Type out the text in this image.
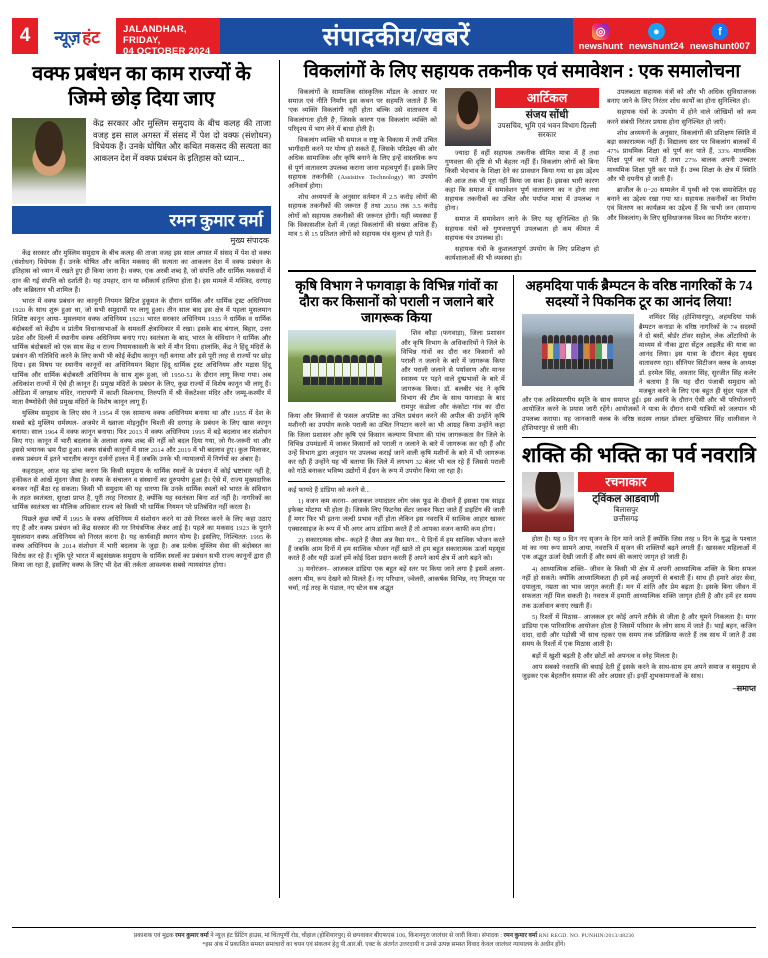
4	न्यूज़ हंट JALANDHAR, FRIDAY,
04 OCTOBER 2024
संपादकीय/खबरें	◎
newshunt
●
newshunt24
f
newshunt007
वक्फ प्रबंधन का काम राज्यों के जिम्मे छोड़ दिया जाए

केंद्र सरकार और मुस्लिम समुदाय के बीच कलह की ताजा वजह इस साल अगस्त में संसद में पेश दो वक्फ (संशोधन) विधेयक हैं। उनके घोषित और कथित मकसद की सत्यता का आकलन देश में वक्फ प्रबंधन के इतिहास को ध्यान...

रमन कुमार वर्मा
मुख्य संपादक

केंद्र सरकार और मुस्लिम समुदाय के बीच कलह की ताजा वजह इस साल अगस्त में संसद में पेश दो वक्फ (संशोधन) विधेयक हैं। उनके घोषित और कथित मकसद की सत्यता का आकलन देश में वक्फ प्रबंधन के इतिहास को ध्यान में रखते हुए ही किया जाना है। वक्फ, एक अरबी शब्द है, जो संपत्ति और धार्मिक मकसदों में दान की गई संपत्ति को दर्शाती है। यह उपहार, दान या स्वीकार्य हालिया होता है। इस मामले में मस्जिद, दरगाह और कब्रिस्तान भी शामिल हैं।

भारत में वक्फ प्रबंधन का कानूनी नियमन ब्रिटिश हुकूमत के दौरान धार्मिक और धार्मिक ट्रस्ट अधिनियम 1920 के साथ शुरू हुआ था, जो सभी समुदायों पर लागू हुआ। तीन साल बाद इस क्षेत्र में पहला मुसलमान विशिष्ट कानून आया- मुसलमान वक्फ अधिनियम 1923। भारत सरकार अधिनियम 1935 ने धार्मिक व धार्मिक बंदोबस्तों को केंद्रीय व प्रांतीय विधानसभाओं के समवर्ती क्षेत्राधिकार में रखा। इसके बाद बंगाल, बिहार, उत्तर प्रदेश और दिल्ली में स्थानीय वक्फ अधिनियम बनाए गए। स्वतंत्रता के बाद, भारत के संविधान ने धार्मिक और धार्मिक बंदोबस्तों को एक साथ केंद्र व राज्य नियामकावली के बारे में मौन दिया। हालांकि, केंद्र ने हिंदू मंदिरों के प्रबंधन की गतिविधि करने के लिए कभी भी कोई केंद्रीय कानून नहीं बनाया और इसे पूरी तरह से राज्यों पर छोड़ दिया। इस विषय पर स्थानीय कानूनों का अधिनियमन बिहार हिंदू धार्मिक ट्रस्ट अधिनियम और मद्रास हिंदू धार्मिक और धार्मिक बंदोबस्ती अधिनियम के साथ शुरू हुआ, जो 1950-51 के दौरान लागू किया गया। अब अधिकांश राज्यों में ऐसे ही कानून हैं। प्रमुख मंदिरों के प्रबंधन के लिए, कुछ राज्यों में विशेष कानून भी लागू हैं। ओडिशा में जगन्नाथ मंदिर, नारायणी में काशी विश्वनाथ, तिरुपति में श्री वेंकटेश्वर मंदिर और जम्मू-कश्मीर में माता वैष्णोदेवी जैसे प्रमुख मंदिरों के विशेष कानून लागू हैं।

मुस्लिम समुदाय के लिए संघ ने 1954 में एक सामान्य वक्फ अधिनियम बनाया था और 1955 में देश के सबसे बड़े मुस्लिम धर्मस्थल- अजमेर में ख्वाजा मोइनुद्दीन चिश्ती की दरगाह के प्रबंधन के लिए खास कानून बनाया। साल 1964 में वक्फ कानून बनाया। फिर 2013 में वक्फ अधिनियम 1995 में बड़े बदलाव कर संशोधन किए गए। कानून में भारी बदलाव के अलावा वक्फ शब्द की नहीं को बदल दिया गया, जो गैर-जरूरी था और इससे भयानक भ्रम पैदा हुआ। वक्फ संबंधी कानूनों में साल 2014 और 2019 में भी बदलाव हुए। कुल मिलाकर, वक्फ प्रबंधन में इतने भारतीय कानून दर्जनों हालत में हैं जबकि उनके भी न्यायालयों में निर्णयों का अंबार है।

कहराहल, आज यह ढांचा करना कि किसी समुदाय के धार्मिक स्थलों के प्रबंधन में कोई भ्रष्टाचार नहीं है, हकीकत से आंखें मूंदना जैसा है। वक्फ के संचालन व संस्थानों का दुरुपयोग हुआ है। ऐसे में, राज्य मुख्यदारिक बनकर नहीं बैठा रह सकता। किसी भी समुदाय की यह धारणा कि उनके धार्मिक स्थलों को भारत के संविधान के तहत स्वतंत्रता, सुरक्षा प्राप्त है, पूरी तरह निराधार है, क्योंकि यह स्वतंत्रता बिना शर्त नहीं है। नागरिकों का धार्मिक स्वतंत्रता का मौलिक अधिकार राज्य को किसी भी धार्मिक नियमन परे प्रतिबंधित नहीं करता है।

पिछले कुछ वर्षों में 1995 के वक्फ अधिनियम में संशोधन करने या उसे निरस्त करने के लिए कहा उठाए गए हैं और वक्फ प्रबंधन को केंद्र सरकार की गर नियंत्रणिक लेकर आई है। पहले का मकसद 1923 के पुराने मुसलमान वक्फ अधिनियम को निरस्त करना है। यह कार्यवाही स्थगन योग्य है। इसलिए, निश्चितत: 1995 के वक्फ अधिनियम के 2014 संशोधन में भारी बदलाव के जुड़ा है। अब प्रत्येक मुस्लिम सेवा की बंदोबस्त का विरोध कर रहे हैं। चूंकि पूरे भारत में बहुसंख्यक समुदाय के धार्मिक स्थलों का प्रबंधन सभी राज्य कानूनों द्वारा ही किया जा रहा है, इसलिए वक्फ के लिए भी देश की तर्कता आवश्यक सबसे न्यायसंगत होगा।

विकलांगों के लिए सहायक तकनीक एवं समावेशन : एक समालोचना

विकलांगों के सामाजिक सांस्कृतिक मॉडल के आधार पर समाज एवं नीति निर्माण इस कथन पर सहमति जताते हैं कि 'एक व्यक्ति विकलांगी नहीं होता बल्कि उसे वातावरण में विकलांगता होती हैं', जिसके कारण एक विकलांग व्यक्ति को परिदृश्य में भाग लेने में बाधा होती है।

विकलांग व्यक्ति भी समाज व राष्ट्र के विकास में तभी उचित भागीदारी करने पर योग्य हो सकते हैं, जिसके परिप्रेक्ष्य की ओर अधिक सामाजिक और कृषि बनाने के लिए इन्हें वास्तविक रूप से पूर्ण वातावरण उपलब्ध कराना जाना महत्वपूर्ण हैं। इसके लिए सहायक तकनीकी (Assistive Technology) का उपयोग अनिवार्य होगा।

शोध अध्ययनों के अनुसार वर्तमान में 2.5 करोड़ लोगों की सहायक तकनीकों की जरूरत हैं तथा 2050 तक 3.5 करोड़ लोगों को सहायक तकनीकों की जरूरत होगी। यहीं व्यवस्था हैं कि विकासशील देशों में (जहां विकलांगों की संख्या अधिक हैं) मात्र 5 से 15 प्रतिशत लोगों को सहायक यंत्र सुलभ हो पाते हैं।

आर्टिकल
संजय सोंधी
उपसचिव, भूमि एवं भवन विभाग दिल्ली सरकार

ज्यादा हैं वहीं सहायक तकनीक सीमित मात्रा में हैं तथा गुणवत्ता की दृष्टि से भी बेहतर नहीं हैं। विकलांग लोगों को बिना किसी भेदभाव के शिक्षा देने का प्रावधान किया गया था इस उद्देश्य की आज तक भी पूरा नहीं किया जा सका हैं। इसका भारी कारण कहा कि समाज में समावेशन पूर्ण वातावरण का न होना तथा सहायक तकनीकों का उचित और पर्याप्त मात्रा में उपलब्ध न होना।

समाज में समावेशन लाने के लिए यह सुनिश्चित हो कि सहायक यंत्रों को गुणवत्तापूर्ण उपलब्धता हो कम कीमत में सहायक यंत्र उपलब्ध हो।

सहायक यंत्रों के कुशलतापूर्ण उपयोग के लिए प्रशिक्षण हो कार्यशालाओं की भी व्यवस्था हो।

उपलब्धता सहायक यंत्रों को और भी अधिक सुविधाजनक बनाए जाने के लिए निरंतर शोध कार्यों का होना सुनिश्चित हो।

सहायक यंत्रों के उपयोग में होने वाले जोखिमों को कम करने संबंधी निरंतर प्रयास होना सुनिश्चित हो जाएँ।

शोध अध्ययनों के अनुसार, विकलांगों की प्रशिक्षण स्थिति में बड़ा सकारात्मक नहीं हैं। विद्यालय स्तर पर विकलांग बालकों में 47% प्राथमिक शिक्षा को पूर्ण कर पाते हैं, 33% माध्यमिक शिक्षा पूर्ण कर पाते हैं तथा 27% बालक अपनी उच्चतर माध्यमिक शिक्षा पूरी कर पाते हैं। उच्च शिक्षा के क्षेत्र में स्थिति और भी दयनीय हो जाती हैं।

ब्राजील के 0−20 सम्मलेन में पृथ्वी को एक समावेशित ग्रह बनाने का उद्देश्य रखा गया था। सहायक तकनीकों का निर्माण एवं वितरण का कार्यक्रम का उद्देश्य हैं कि 'सभी जन (सामान्य और विकलांग) के लिए सुविधाजनक विश्व का निर्माण करना'।

कृषि विभाग ने फगवाड़ा के विभिन्न गांवों का दौरा कर किसानों को पराली न जलाने बारे जागरूक किया

शिव कौड़ा (फगवाड़ा), जिला प्रशासन और कृषि विभाग के अधिकारियों ने जिले के विभिन्न गांवों का दौरा कर किसानों को पराली न जलाने के बारे में जागरूक किया और पराली जलाने से पर्यावरण और मानव स्वास्थ्य पर पड़ने वाले दुष्प्रभावों के बारे में जागरूक किया। डॉ. बलबीर चंद ने कृषि विभाग की टीम के साथ फगवाड़ा के बाद रामपुर कंडोला और कंकोटा गांव का दौरा किया और किसानों से फसल अपशिष्ट का उचित प्रबंधन करने की अपील की उन्होंने कृषि मशीनरी का उपयोग करके पराली का उचित निपटान करने का भी आग्रह किया उन्होंने कहा कि जिला प्रशासन और कृषि एवं किसान कल्याण विभाग की पांच जागरूकता वैन जिले के विभिन्न उपमंडलों में जाकर किसानों को पराली न जलाने के बारे में जागरूक कर रही हैं और उन्हें विभाग द्वारा अनुदान पर उपलब्ध कराई जाने वाली कृषि मशीनों के बारे में भी जागरूक कर रही हैं उन्होंने यह भी बताया कि जिले में लगभग 32 बेलर भी चल रहे हैं जिससे पराली को गांठें बनाकर भविष्य उद्योगों में ईंधन के रूप में उपयोग किया जा रहा है।

कई फायदे हैं डांडिया को करने से...

1) वजन कम करना– आजकल ज्यादातर लोग जंक फूड के दीवाने हैं इसका एक साइड इफेक्ट मोटापा भी होता है। जिसके लिए फिटनेस सेंटर जाकर फिटा जाते हैं डाइटिंग की जाती हैं मगर फिर भी इतना जल्दी प्रभाव नहीं होता लेकिन इस नवरात्रि में सात्विक आहार खाकर एक्सरसाइज के रूप में भी अगर आप डांडिया करते हैं तो आपका वजन काफी कम होगा।

2) सकारात्मक सोच– कहते हैं जैसा अन्न वैसा मन... ये दिनों में हम सात्विक भोजन करते हैं जबकि आम दिनों में हम सात्विक भोजन नहीं खाते तो हम बहुत सकारात्मक ऊर्जा महसूस करते हैं और यही ऊर्जा हमें कोई दिशा प्रदान करती हैं अपने कार्य क्षेत्र में आगे बढ़ने को।

3) मनोरंजन– आजकल डांडिया एक बहुत बड़े स्तर पर किया जाने लगा है इसमें अलग-अलग थीम, रूप देखने को मिलते हैं। नए परिधान, ज्वेलरी, आकर्षक विभिन्न, नए गिफ्ट्स पर चर्चा, नई तरह के पंडाल, नए स्टेज सब अद्भुत

अहमदिया पार्क ब्रैम्पटन के वरिष्ठ नागरिकों के 74 सदस्यों ने पिकनिक टूर का आनंद लिया!

शमिंदर सिंह (होशियारपुर), अहमदिया पार्क ब्रैम्पटन कनाडा के वरिष्ठ नागरिकों के 74 सदस्यों ने दो बसों, बोर्डर टॉवर सहोल, लेक ओंटारियो के माध्यम से नौका द्वारा सेंट्रल आइलैंड की यात्रा का आनंद लिया। इस यात्रा के दौरान बेहद सुखद वातावरण रहा। सीनियर सिटीजन क्लब के अध्यक्ष डॉ. हरमेल सिंह, अवतार सिंह, सुरजीत सिंह कलेर ने बताया है कि यह दौरा पंजाबी समुदाय को मजबूत करने के लिए एक बहुत ही सुंदर पहल थी और एक अविस्मरणीय स्मृति के साथ समाप्त हुई। इस अवधि के दौरान ऐसी और भी परियोजनाएँ आयोजित करने के प्रयास जारी रहेंगे। आयोजकों ने यात्रा के दौरान सभी यात्रियों को जलपान भी उपलब्ध कराया। यह जानकारी क्लब के वरिष्ठ सदस्य लाख्न डॉक्टर मुख्तियार सिंह धालीवाल ने होशियारपुर से जारी की।

शक्ति की भक्ति का पर्व नवरात्रि
रचनाकार
ट्विंकल आडवाणी
बिलासपुर
छत्तीसगढ़

होता है। यह 9 दिन नए सृजन के दिन माने जाते हैं क्योंकि जिस तरह 9 दिन के युद्ध के पश्चात मां का नया रूप सामने आया, नवरात्रि में सृजन की शक्तियाँ बढ़ने लगती हैं। खासकर महिलाओं में एक अद्भुत ऊर्जा देखी जाती हैं और स्वयं की कलाएं जागृत हो जाती हैं।

4) आध्यात्मिक शक्ति– जीवन के किसी भी क्षेत्र में अपनी आध्यात्मिक शक्ति के बिना सफल नहीं हो सकते। क्योंकि आध्यात्मिकता ही हमें कई अवगुणों से बचाती हैं। साथ ही हमारे अंदर सेवा, दयालुता, नम्रता का भाव जागृत करती हैं। मन में शांति और प्रेम बढ़ता है। इसके बिना जीवन में सफलता नहीं मिल सकती है। नवरात्र में हमारी आध्यात्मिक शक्ति जागृत होती है और हमें हर समय तक ऊर्जावान बनाए रखती हैं।

5) रिश्तों में मिठास– आजकल हर कोई अपने तरीके से जीता है और घूमने निकलता है। मगर डांडिया एक पारिवारिक आयोजन होता है जिसमें परिवार के लोग साथ में जाते हैं। भाई बहन, कजिन दादा, दादी और पड़ोसी भी साथ रहकर एक समय तक प्रतिक्रिया करते हैं तब साथ में जाते हैं उस समय के रिश्तों में एक मिठास आती है।

बड़ों में खुशी बढ़ती है और छोटों को अपनत्व व स्नेह मिलता है।

आप सबको नवरात्रि की बधाई देती हूँ इसके करने के साथ-साथ हम अपने समाज व समुदाय से जुड़कर एक बेहतरीन समाज की ओर अग्रसर हों। इन्हीं शुभकामनाओं के साथ।

–समाप्त
प्रकाशक एवं मुद्रक रमन कुमार वर्मा ने न्यूज़ हंट प्रिंटिंग हाउस, मां चिंतपूर्णी रोड, चौहाल (होशियारपुर) से छपवाकर बीएफएस 106, किशनपुरा जालंधर से जारी किया। संपादक : रमन कुमार वर्मा RNI REGD. NO. PUNHIN/2013/48236
*इस अंक में प्रकाशित समस्त समाचारों का चयन एवं संकलन हेतु पी.आर.बी. एक्ट के अंतर्गत उत्तरदायी व उनसे उत्पन्न समस्त विवाद केवल जालंधर न्यायालय के अधीन होंगे।
